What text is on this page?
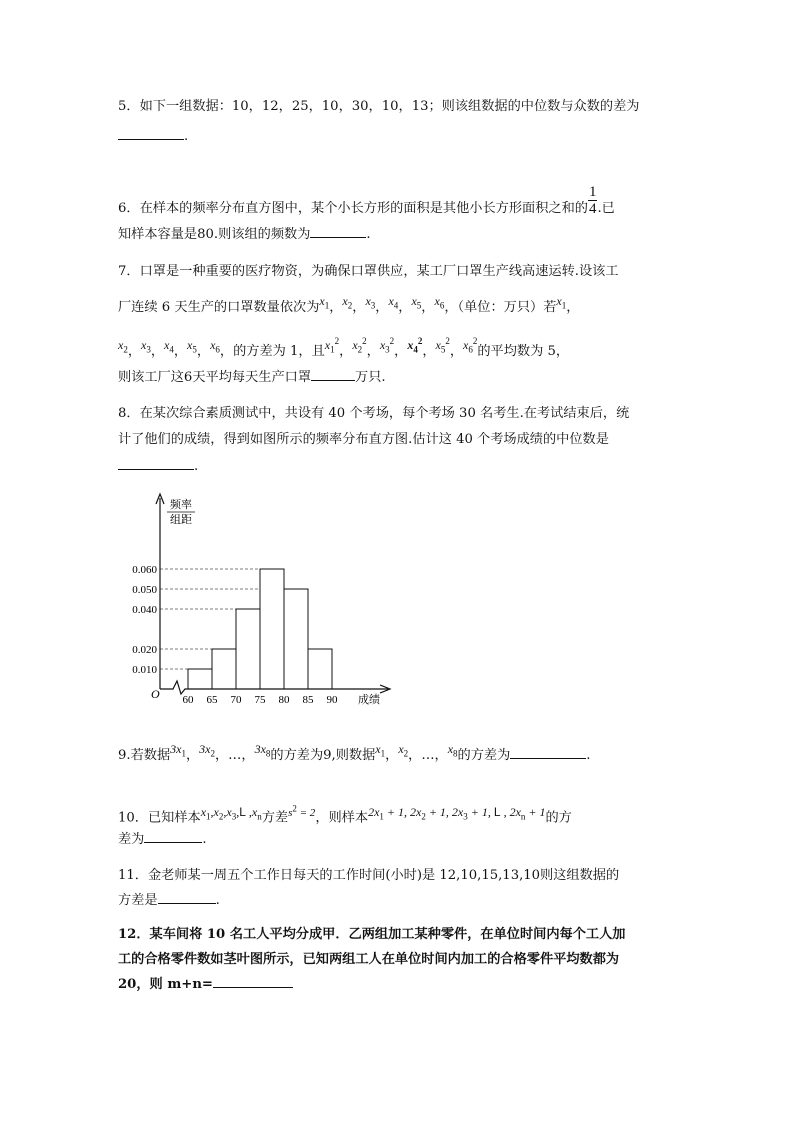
5．如下一组数据：10，12，25，10，30，10，13；则该组数据的中位数与众数的差为
.
6．在样本的频率分布直方图中，某个小长方形的面积是其他小长方形面积之和的 $\frac{1}{4}$ .已
知样本容量是80.则该组的频数为	.
7．口罩是一种重要的医疗物资，为确保口罩供应，某工厂口罩生产线高速运转.设该工
厂连续 6 天生产的口罩数量依次为$x_1$，$x_2$，$x_3$，$x_4$，$x_5$，$x_6$，（单位：万只）若$x_1$，
$x_2$，$x_3$，$x_4$，$x_5$，$x_6$，的方差为 1，且$x_1^2$，$x_2^2$，$x_3^2$，$x_4^2$，$x_5^2$，$x_6^2$的平均数为 5，
则该工厂这6天平均每天生产口罩	万只.
8．在某次综合素质测试中，共设有 40 个考场，每个考场 30 名考生.在考试结束后，统
计了他们的成绩，得到如图所示的频率分布直方图.估计这 40 个考场成绩的中位数是
.
频率
组距
O	成绩
0.060
0.050
0.040
0.020
0.010
60 65 70 75 80 85 90
9.若数据$3x_1$，$3x_2$，…，$3x_8$的方差为9,则数据$x_1$，$x_2$，…，$x_8$的方差为	.
10．已知样本$x_1,x_2,x_3,L$ $,x_n$方差$^{s^2 = 2}$，则样本$2x_1 + 1$, $2x_2 + 1$, $2x_3 + 1$, L , $2x_n + 1$的方
差为	.
11．金老师某一周五个工作日每天的工作时间(小时)是 12,10,15,13,10则这组数据的
方差是	.
12．某车间将 10 名工人平均分成甲．乙两组加工某种零件，在单位时间内每个工人加
工的合格零件数如茎叶图所示，已知两组工人在单位时间内加工的合格零件平均数都为
20，则 m+n=
